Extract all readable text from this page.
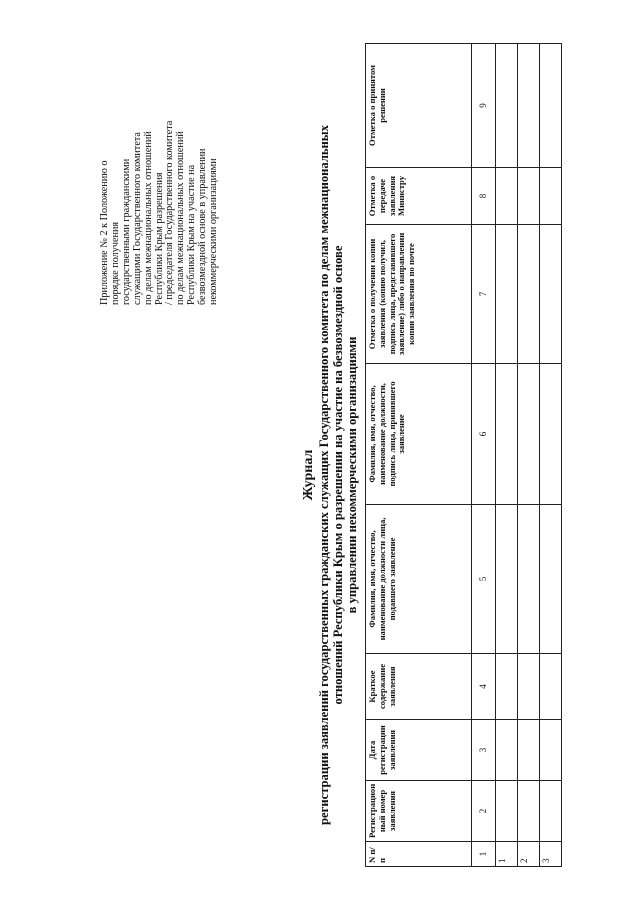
Приложение № 2 к Положению о порядке получения государственными гражданскими служащими Государственного комитета по делам межнациональных отношений Республики Крым разрешения / председателя Государственного комитета по делам межнациональных отношений Республики Крым на участие на безвозмездной основе в управлении некоммерческими организациями
Журнал регистрации заявлений государственных гражданских служащих Государственного комитета по делам межнациональных отношений Республики Крым о разрешении на участие на безвозмездной основе в управлении некоммерческими организациями
N п/п	Регистрацион ный номер заявления	Дата регистрации заявления	Краткое содержание заявления	Фамилия, имя, отчество, наименование должности лица, подавшего заявление	Фамилия, имя, отчество, наименование должности, подпись лица, принявшего заявление	Отметка о получении копии заявления (копию получил, подпись лица, представившего заявление) либо о направлении копии заявления по почте	Отметка о передаче заявления Министру	Отметка о принятом решении
1	2	3	4	5	6	7	8	9
1								
2								
3								
